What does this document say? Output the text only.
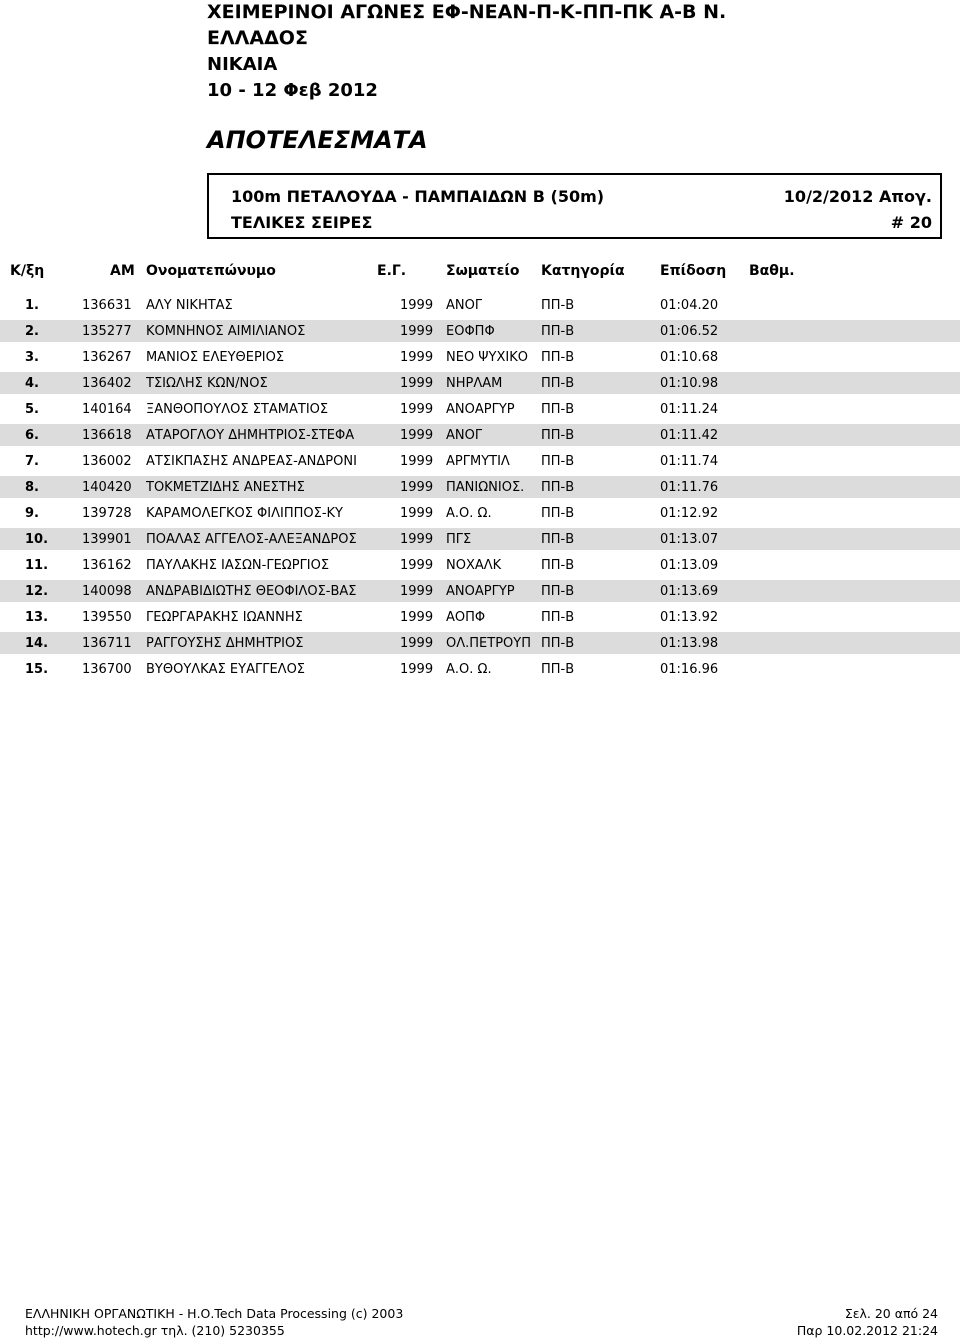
ΧΕΙΜΕΡΙΝΟΙ ΑΓΩΝΕΣ ΕΦ-ΝΕΑΝ-Π-Κ-ΠΠ-ΠΚ Α-Β Ν.
ΕΛΛΑΔΟΣ
ΝΙΚΑΙΑ
10 - 12 Φεβ 2012
ΑΠΟΤΕΛΕΣΜΑΤΑ
100m ΠΕΤΑΛΟΥΔΑ - ΠΑΜΠΑΙΔΩΝ Β (50m)	10/2/2012 Απογ.
ΤΕΛΙΚΕΣ ΣΕΙΡΕΣ	# 20
Κ/ξη	ΑΜ Ονοματεπώνυμο	Ε.Γ.	Σωματείο Κατηγορία	Επίδοση Βαθμ.
1.	136631 ΑΛΥ ΝΙΚΗΤΑΣ	1999 ΑΝΟΓ	ΠΠ-Β	01:04.20
2.	135277 ΚΟΜΝΗΝΟΣ ΑΙΜΙΛΙΑΝΟΣ	1999 ΕΟΦΠΦ	ΠΠ-Β	01:06.52
3.	136267 ΜΑΝΙΟΣ ΕΛΕΥΘΕΡΙΟΣ	1999 ΝΕΟ ΨΥΧΙΚΟ	ΠΠ-Β	01:10.68
4.	136402 ΤΣΙΩΛΗΣ ΚΩΝ/ΝΟΣ	1999 ΝΗΡΛΑΜ	ΠΠ-Β	01:10.98
5.	140164 ΞΑΝΘΟΠΟΥΛΟΣ ΣΤΑΜΑΤΙΟΣ	1999 ΑΝΟΑΡΓΥΡ	ΠΠ-Β	01:11.24
6.	136618 ΑΤΑΡΟΓΛΟΥ ΔΗΜΗΤΡΙΟΣ-ΣΤΕΦΑ	1999 ΑΝΟΓ	ΠΠ-Β	01:11.42
7.	136002 ΑΤΣΙΚΠΑΣΗΣ ΑΝΔΡΕΑΣ-ΑΝΔΡΟΝΙ	1999 ΑΡΓΜΥΤΙΛ	ΠΠ-Β	01:11.74
8.	140420 ΤΟΚΜΕΤΖΙΔΗΣ ΑΝΕΣΤΗΣ	1999 ΠΑΝΙΩΝΙΟΣ.	ΠΠ-Β	01:11.76
9.	139728 ΚΑΡΑΜΟΛΕΓΚΟΣ ΦΙΛΙΠΠΟΣ-ΚΥ	1999 Α.Ο. Ω.	ΠΠ-Β	01:12.92
10.	139901 ΠΟΑΛΑΣ ΑΓΓΕΛΟΣ-ΑΛΕΞΑΝΔΡΟΣ	1999 ΠΓΣ	ΠΠ-Β	01:13.07
11.	136162 ΠΑΥΛΑΚΗΣ ΙΑΣΩΝ-ΓΕΩΡΓΙΟΣ	1999 ΝΟΧΑΛΚ	ΠΠ-Β	01:13.09
12.	140098 ΑΝΔΡΑΒΙΔΙΩΤΗΣ ΘΕΟΦΙΛΟΣ-ΒΑΣ	1999 ΑΝΟΑΡΓΥΡ	ΠΠ-Β	01:13.69
13.	139550 ΓΕΩΡΓΑΡΑΚΗΣ ΙΩΑΝΝΗΣ	1999 ΑΟΠΦ	ΠΠ-Β	01:13.92
14.	136711 ΡΑΓΓΟΥΣΗΣ ΔΗΜΗΤΡΙΟΣ	1999 ΟΛ.ΠΕΤΡΟΥΠ ΠΠ-Β	01:13.98
15.	136700 ΒΥΘΟΥΛΚΑΣ ΕΥΑΓΓΕΛΟΣ	1999 Α.Ο. Ω.	ΠΠ-Β	01:16.96
ΕΛΛΗΝΙΚΗ ΟΡΓΑΝΩΤΙΚΗ - Η.Ο.Tech Data Processing (c) 2003
http://www.hotech.gr τηλ. (210) 5230355
Σελ. 20 από 24
Παρ 10.02.2012 21:24
